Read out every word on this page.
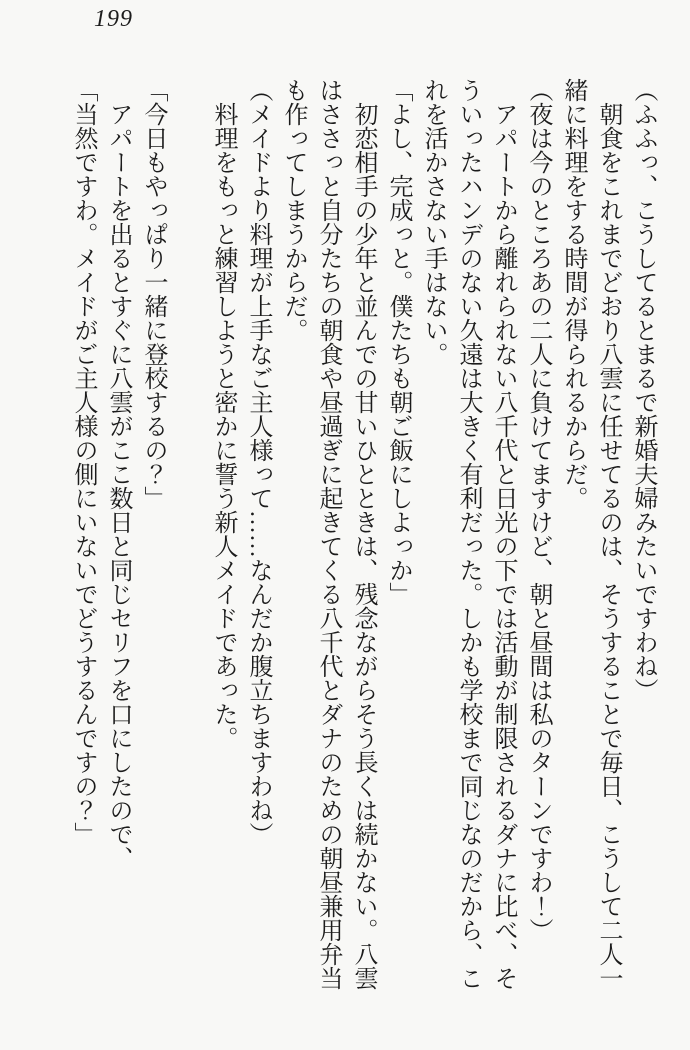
199

（ふふっ、こうしてるとまるで新婚夫婦みたいですわね）

朝食をこれまでどおり八雲に任せてるのは、そうすることで毎日、こうして二人一緒に料理をする時間が得られるからだ。

（夜は今のところあの二人に負けてますけど、朝と昼間は私のターンですわ！）

アパートから離れられない八千代と日光の下では活動が制限されるダナに比べ、そういったハンデのない久遠は大きく有利だった。しかも学校まで同じなのだから、これを活かさない手はない。

「よし、完成っと。僕たちも朝ご飯にしよっか」

初恋相手の少年と並んでの甘いひとときは、残念ながらそう長くは続かない。八雲はささっと自分たちの朝食や昼過ぎに起きてくる八千代とダナのための朝昼兼用弁当も作ってしまうからだ。

（メイドより料理が上手なご主人様って……なんだか腹立ちますわね）

料理をもっと練習しようと密かに誓う新人メイドであった。

「今日もやっぱり一緒に登校するの？」

アパートを出るとすぐに八雲がここ数日と同じセリフを口にしたので、

「当然ですわ。メイドがご主人様の側にいないでどうするんですの？」
